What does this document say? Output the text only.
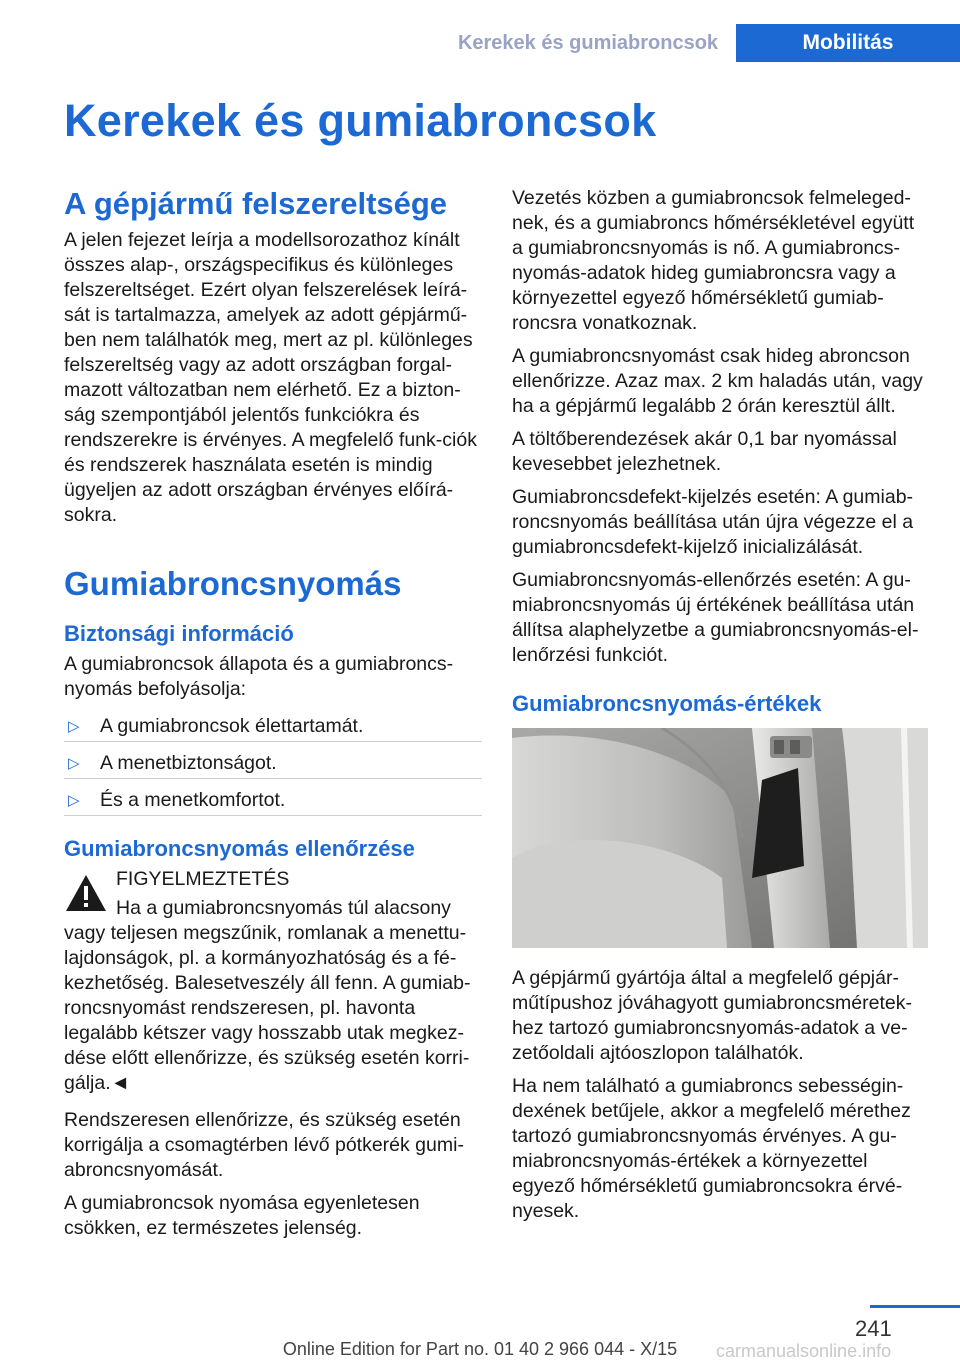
Kerekek és gumiabroncsok	Mobilitás
Kerekek és gumiabroncsok
A gépjármű felszereltsége

A jelen fejezet leírja a modellsorozathoz kínált összes alap-, országspecifikus és különleges felszereltséget. Ezért olyan felszerelések leírá-sát is tartalmazza, amelyek az adott gépjármű-ben nem találhatók meg, mert az pl. különleges felszereltség vagy az adott országban forgal-mazott változatban nem elérhető. Ez a bizton-ság szempontjából jelentős funkciókra és rendszerekre is érvényes. A megfelelő funk-ciók és rendszerek használata esetén is mindig ügyeljen az adott országban érvényes előírá-sokra.

Gumiabroncsnyomás
Biztonsági információ

A gumiabroncsok állapota és a gumiabroncs-nyomás befolyásolja:

▷ A gumiabroncsok élettartamát.
▷ A menetbiztonságot.
▷ És a menetkomfortot.
Gumiabroncsnyomás ellenőrzése

FIGYELMEZTETÉS

Ha a gumiabroncsnyomás túl alacsony vagy teljesen megszűnik, romlanak a menettu-lajdonságok, pl. a kormányozhatóság és a fé-kezhetőség. Balesetveszély áll fenn. A gumiab-roncsnyomást rendszeresen, pl. havonta legalább kétszer vagy hosszabb utak megkez-dése előtt ellenőrizze, és szükség esetén korri-gálja.◄

Rendszeresen ellenőrizze, és szükség esetén korrigálja a csomagtérben lévő pótkerék gumi-abroncsnyomását.

A gumiabroncsok nyomása egyenletesen csökken, ez természetes jelenség.

Vezetés közben a gumiabroncsok felmeleged-nek, és a gumiabroncs hőmérsékletével együtt a gumiabroncsnyomás is nő. A gumiabroncs-nyomás-adatok hideg gumiabroncsra vagy a környezettel egyező hőmérsékletű gumiab-roncsra vonatkoznak.

A gumiabroncsnyomást csak hideg abroncson ellenőrizze. Azaz max. 2 km haladás után, vagy ha a gépjármű legalább 2 órán keresztül állt.

A töltőberendezések akár 0,1 bar nyomással kevesebbet jelezhetnek.

Gumiabroncsdefekt-kijelzés esetén: A gumiab-roncsnyomás beállítása után újra végezze el a gumiabroncsdefekt-kijelző inicializálását.

Gumiabroncsnyomás-ellenőrzés esetén: A gu-miabroncsnyomás új értékének beállítása után állítsa alaphelyzetbe a gumiabroncsnyomás-el-lenőrzési funkciót.

Gumiabroncsnyomás-értékek

A gépjármű gyártója által a megfelelő gépjár-műtípushoz jóváhagyott gumiabroncsméretek-hez tartozó gumiabroncsnyomás-adatok a ve-zetőoldali ajtóoszlopon találhatók.

Ha nem található a gumiabroncs sebességin-dexének betűjele, akkor a megfelelő mérethez tartozó gumiabroncsnyomás érvényes. A gu-miabroncsnyomás-értékek a környezettel egyező hőmérsékletű gumiabroncsokra érvé-nyesek.

241
Online Edition for Part no. 01 40 2 966 044 - X/15	carmanualsonline.info
